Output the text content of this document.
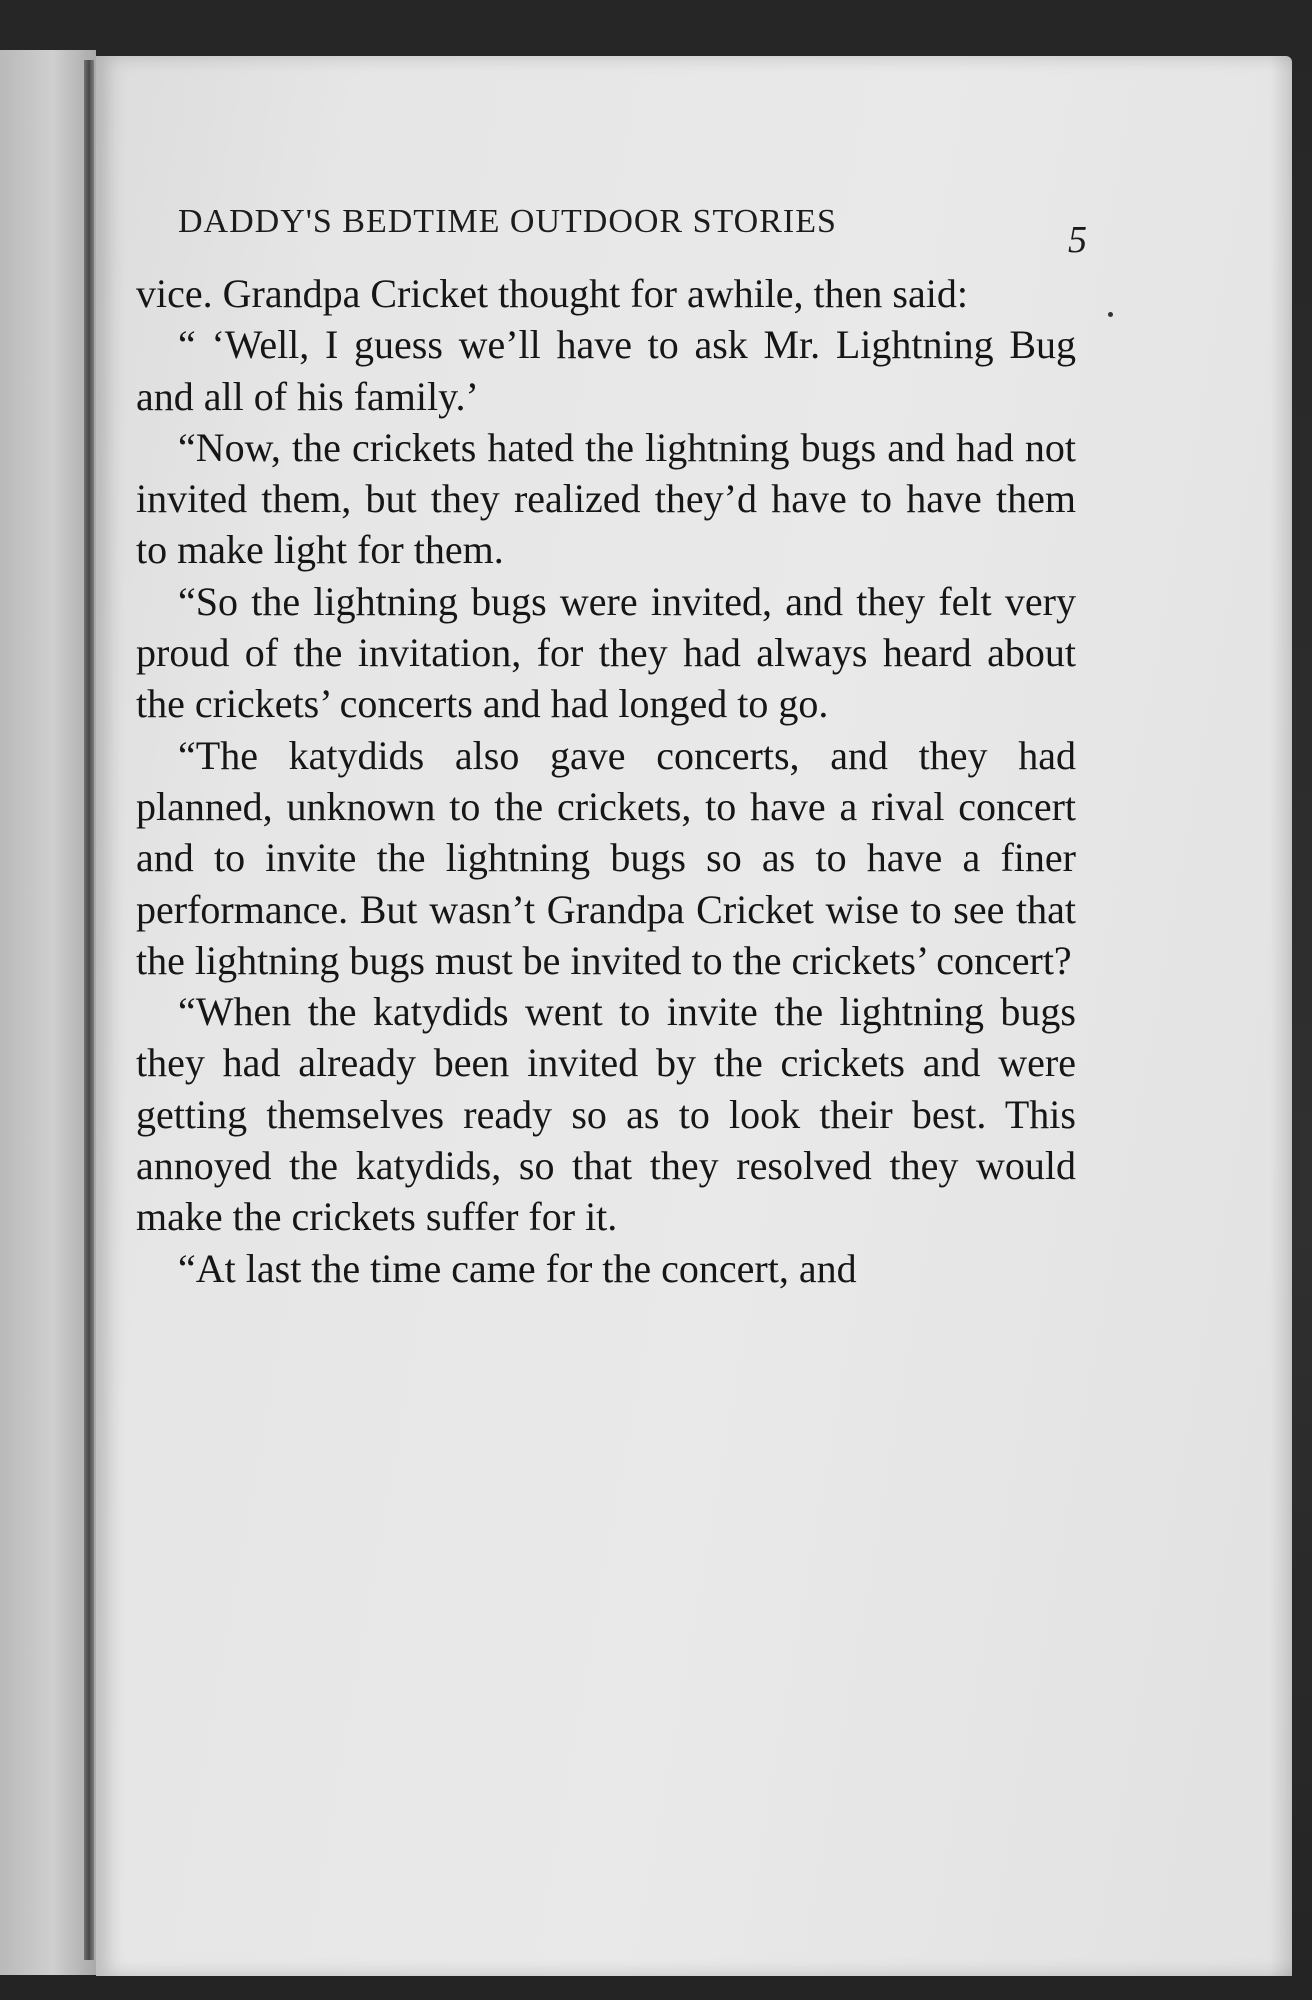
DADDY'S BEDTIME OUTDOOR STORIES	5

vice. Grandpa Cricket thought for awhile, then said:

“ ‘Well, I guess we’ll have to ask Mr. Lightning Bug and all of his family.’

“Now, the crickets hated the lightning bugs and had not invited them, but they realized they’d have to have them to make light for them.

“So the lightning bugs were invited, and they felt very proud of the invitation, for they had always heard about the crickets’ concerts and had longed to go.

“The katydids also gave concerts, and they had planned, unknown to the crickets, to have a rival concert and to invite the lightning bugs so as to have a finer performance. But wasn’t Grandpa Cricket wise to see that the lightning bugs must be invited to the crickets’ concert?

“When the katydids went to invite the lightning bugs they had already been invited by the crickets and were getting themselves ready so as to look their best. This annoyed the katydids, so that they resolved they would make the crickets suffer for it.

“At last the time came for the concert, and
